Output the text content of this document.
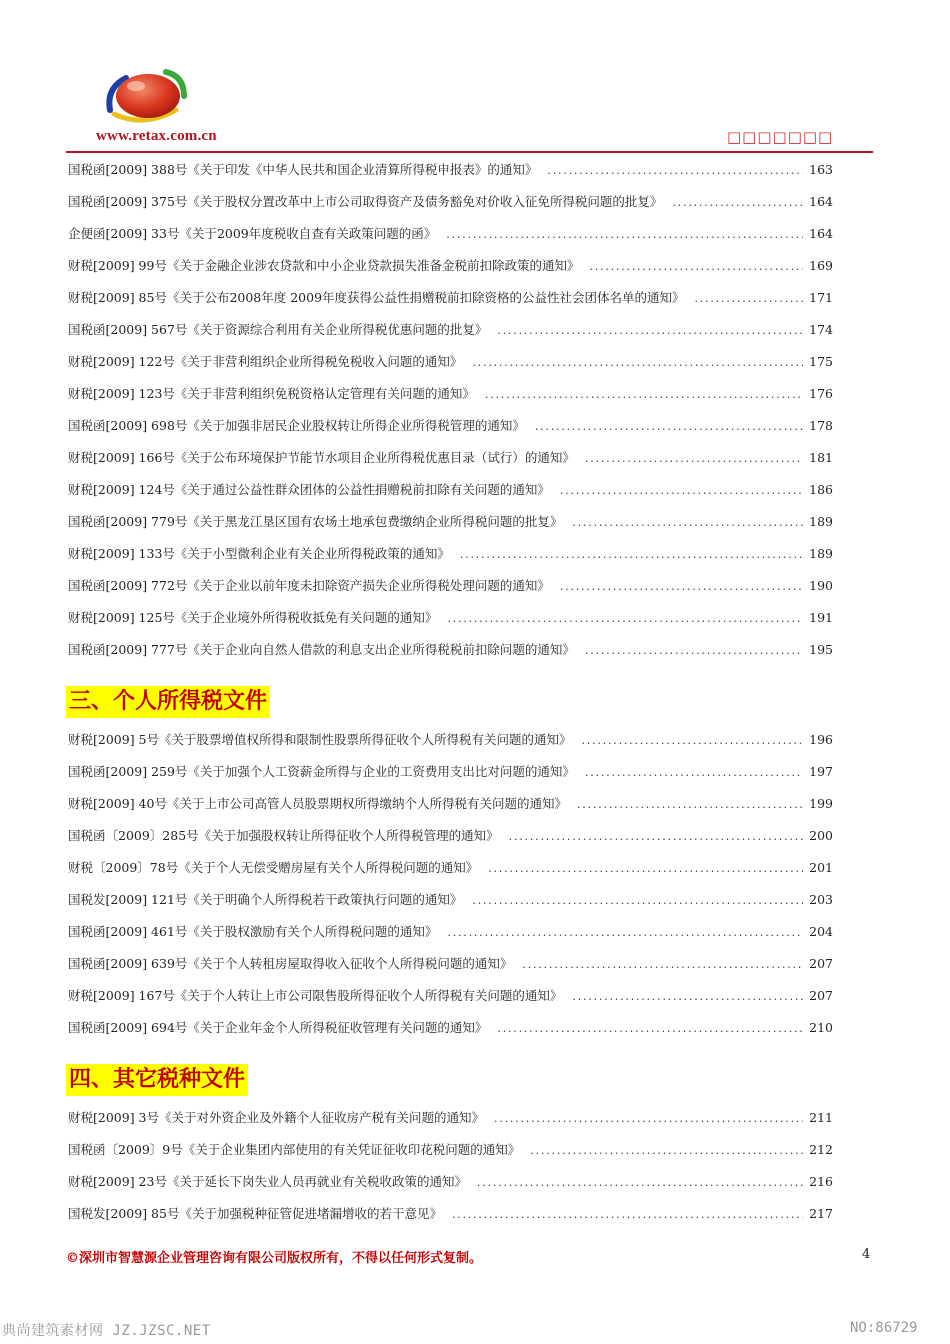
www.retax.com.cn	□□□□□□□
国税函[2009] 388号《关于印发《中华人民共和国企业清算所得税申报表》的通知》 .....	163
国税函[2009] 375号《关于股权分置改革中上市公司取得资产及债务豁免对价收入征免所得税问题的批复》 .....	164
企便函[2009] 33号《关于2009年度税收自查有关政策问题的函》 .....	164
财税[2009] 99号《关于金融企业涉农贷款和中小企业贷款损失准备金税前扣除政策的通知》 .....	169
财税[2009] 85号《关于公布2008年度 2009年度获得公益性捐赠税前扣除资格的公益性社会团体名单的通知》 .....	171
国税函[2009] 567号《关于资源综合利用有关企业所得税优惠问题的批复》 .....	174
财税[2009] 122号《关于非营利组织企业所得税免税收入问题的通知》 .....	175
财税[2009] 123号《关于非营利组织免税资格认定管理有关问题的通知》 .....	176
国税函[2009] 698号《关于加强非居民企业股权转让所得企业所得税管理的通知》 .....	178
财税[2009] 166号《关于公布环境保护节能节水项目企业所得税优惠目录（试行）的通知》 .....	181
财税[2009] 124号《关于通过公益性群众团体的公益性捐赠税前扣除有关问题的通知》 .....	186
国税函[2009] 779号《关于黑龙江垦区国有农场土地承包费缴纳企业所得税问题的批复》 .....	189
财税[2009] 133号《关于小型微利企业有关企业所得税政策的通知》 .....	189
国税函[2009] 772号《关于企业以前年度未扣除资产损失企业所得税处理问题的通知》 .....	190
财税[2009] 125号《关于企业境外所得税收抵免有关问题的通知》 .....	191
国税函[2009] 777号《关于企业向自然人借款的利息支出企业所得税税前扣除问题的通知》 .....	195
三、个人所得税文件
财税[2009] 5号《关于股票增值权所得和限制性股票所得征收个人所得税有关问题的通知》 .....	196
国税函[2009] 259号《关于加强个人工资薪金所得与企业的工资费用支出比对问题的通知》 .....	197
财税[2009] 40号《关于上市公司高管人员股票期权所得缴纳个人所得税有关问题的通知》 .....	199
国税函〔2009〕285号《关于加强股权转让所得征收个人所得税管理的通知》 .....	200
财税〔2009〕78号《关于个人无偿受赠房屋有关个人所得税问题的通知》 .....	201
国税发[2009] 121号《关于明确个人所得税若干政策执行问题的通知》 .....	203
国税函[2009] 461号《关于股权激励有关个人所得税问题的通知》 .....	204
国税函[2009] 639号《关于个人转租房屋取得收入征收个人所得税问题的通知》 .....	207
财税[2009] 167号《关于个人转让上市公司限售股所得征收个人所得税有关问题的通知》 .....	207
国税函[2009] 694号《关于企业年金个人所得税征收管理有关问题的通知》 .....	210
四、其它税种文件
财税[2009] 3号《关于对外资企业及外籍个人征收房产税有关问题的通知》 .....	211
国税函〔2009〕9号《关于企业集团内部使用的有关凭证征收印花税问题的通知》 .....	212
财税[2009] 23号《关于延长下岗失业人员再就业有关税收政策的通知》 .....	216
国税发[2009] 85号《关于加强税种征管促进堵漏增收的若干意见》 .....	217
©深圳市智慧源企业管理咨询有限公司版权所有，不得以任何形式复制。	4
典尚建筑素材网 JZ.JZSC.NET	NO:86729
